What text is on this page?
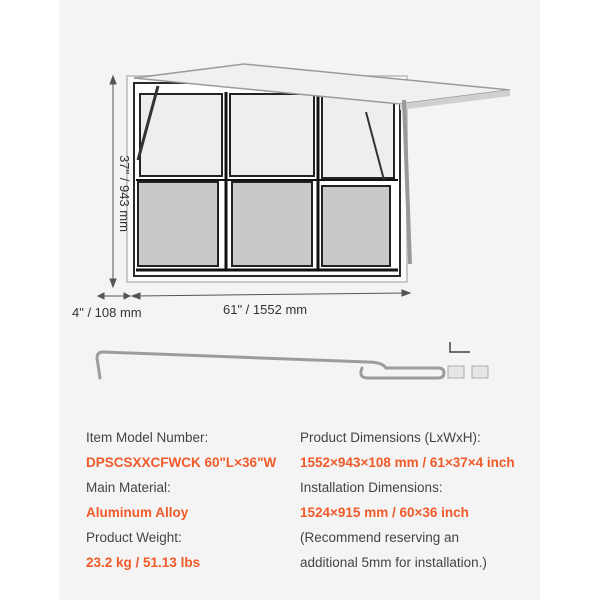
37" / 943 mm
4" / 108 mm	61" / 1552 mm
Item Model Number:
DPSCSXXCFWCK 60"L×36"W
Main Material:
Aluminum Alloy
Product Weight:
23.2 kg / 51.13 lbs
Product Dimensions (LxWxH):
1552×943×108 mm / 61×37×4 inch
Installation Dimensions:
1524×915 mm / 60×36 inch
(Recommend reserving an
additional 5mm for installation.)
